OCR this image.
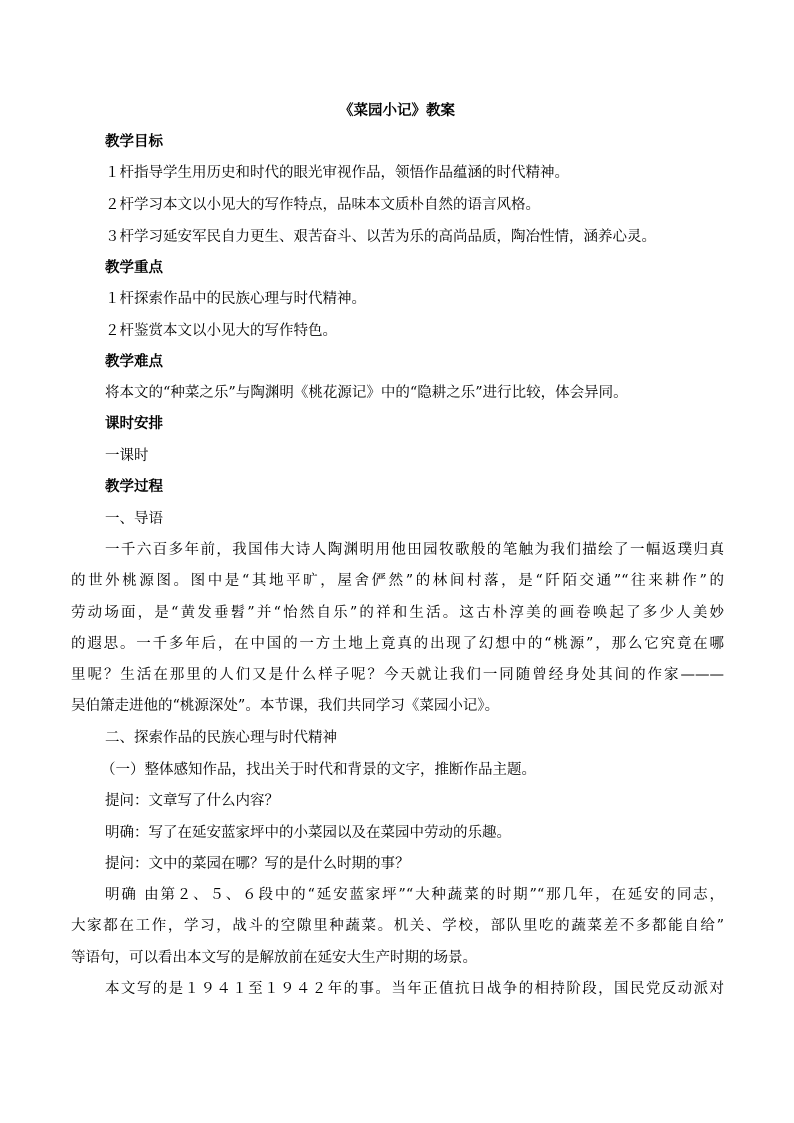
《菜园小记》教案
教学目标
１杆指导学生用历史和时代的眼光审视作品，领悟作品蕴涵的时代精神。
２杆学习本文以小见大的写作特点，品味本文质朴自然的语言风格。
３杆学习延安军民自力更生、艰苦奋斗、以苦为乐的高尚品质，陶冶性情，涵养心灵。
教学重点
１杆探索作品中的民族心理与时代精神。
２杆鉴赏本文以小见大的写作特色。
教学难点
将本文的“种菜之乐”与陶渊明《桃花源记》中的“隐耕之乐”进行比较，体会异同。
课时安排
一课时
教学过程
一、导语
一千六百多年前，我国伟大诗人陶渊明用他田园牧歌般的笔触为我们描绘了一幅返璞归真
的世外桃源图。图中是“其地平旷，屋舍俨然”的林间村落，是“阡陌交通”“往来耕作”的
劳动场面，是“黄发垂髫”并“怡然自乐”的祥和生活。这古朴淳美的画卷唤起了多少人美妙
的遐思。一千多年后，在中国的一方土地上竟真的出现了幻想中的“桃源”，那么它究竟在哪
里呢？生活在那里的人们又是什么样子呢？今天就让我们一同随曾经身处其间的作家———
吴伯箫走进他的“桃源深处”。本节课，我们共同学习《菜园小记》。
二、探索作品的民族心理与时代精神
（一）整体感知作品，找出关于时代和背景的文字，推断作品主题。
提问：文章写了什么内容？
明确：写了在延安蓝家坪中的小菜园以及在菜园中劳动的乐趣。
提问：文中的菜园在哪？写的是什么时期的事？
明确 由第２、５、６段中的“延安蓝家坪”“大种蔬菜的时期”“那几年，在延安的同志，
大家都在工作，学习，战斗的空隙里种蔬菜。机关、学校，部队里吃的蔬菜差不多都能自给”
等语句，可以看出本文写的是解放前在延安大生产时期的场景。
本文写的是１９４１至１９４２年的事。当年正值抗日战争的相持阶段，国民党反动派对
